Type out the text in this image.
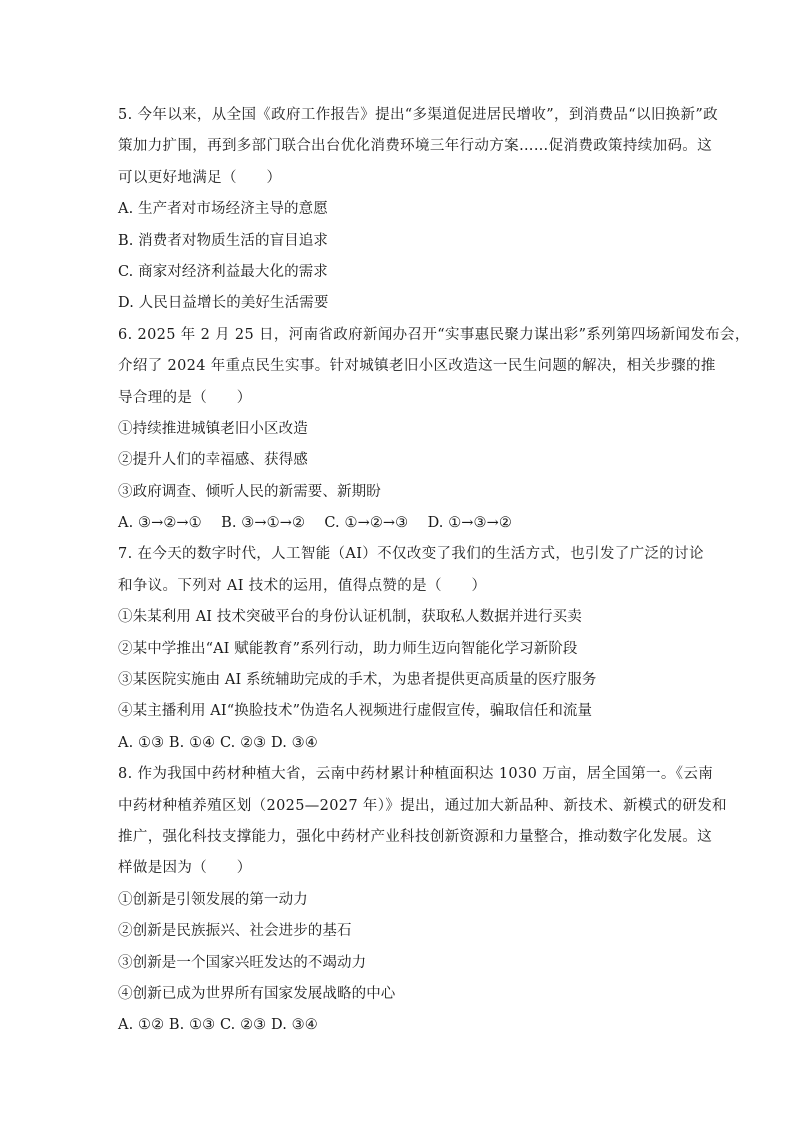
5. 今年以来，从全国《政府工作报告》提出“多渠道促进居民增收”，到消费品“以旧换新”政
策加力扩围，再到多部门联合出台优化消费环境三年行动方案……促消费政策持续加码。这
可以更好地满足（　　）
A. 生产者对市场经济主导的意愿
B. 消费者对物质生活的盲目追求
C. 商家对经济利益最大化的需求
D. 人民日益增长的美好生活需要
6. 2025 年 2 月 25 日，河南省政府新闻办召开“实事惠民聚力谋出彩”系列第四场新闻发布会，
介绍了 2024 年重点民生实事。针对城镇老旧小区改造这一民生问题的解决，相关步骤的推
导合理的是（　　）
①持续推进城镇老旧小区改造
②提升人们的幸福感、获得感
③政府调查、倾听人民的新需要、新期盼
A. ③→②→①　 B. ③→①→②　 C. ①→②→③　 D. ①→③→②
7. 在今天的数字时代，人工智能（AI）不仅改变了我们的生活方式，也引发了广泛的讨论
和争议。下列对 AI 技术的运用，值得点赞的是（　　）
①朱某利用 AI 技术突破平台的身份认证机制，获取私人数据并进行买卖
②某中学推出“AI 赋能教育”系列行动，助力师生迈向智能化学习新阶段
③某医院实施由 AI 系统辅助完成的手术，为患者提供更高质量的医疗服务
④某主播利用 AI“换脸技术”伪造名人视频进行虚假宣传，骗取信任和流量
A. ①③ B. ①④ C. ②③ D. ③④
8. 作为我国中药材种植大省，云南中药材累计种植面积达 1030 万亩，居全国第一。《云南
中药材种植养殖区划（2025—2027 年）》提出，通过加大新品种、新技术、新模式的研发和
推广，强化科技支撑能力，强化中药材产业科技创新资源和力量整合，推动数字化发展。这
样做是因为（　　）
①创新是引领发展的第一动力
②创新是民族振兴、社会进步的基石
③创新是一个国家兴旺发达的不竭动力
④创新已成为世界所有国家发展战略的中心
A. ①② B. ①③ C. ②③ D. ③④
